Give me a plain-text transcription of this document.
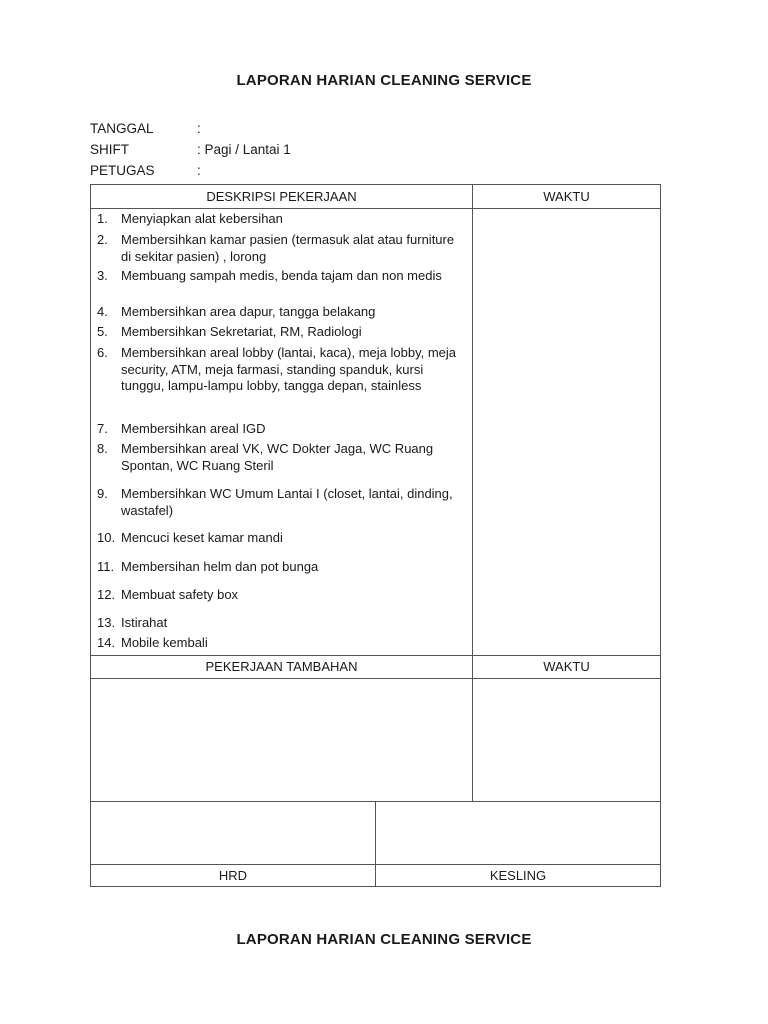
LAPORAN HARIAN CLEANING SERVICE
TANGGAL	:
SHIFT	: Pagi / Lantai 1
PETUGAS	:
DESKRIPSI PEKERJAAN	WAKTU
1. Menyiapkan alat kebersihan
2. Membersihkan kamar pasien (termasuk alat atau furniture di sekitar pasien) , lorong
3. Membuang sampah medis, benda tajam dan non medis
4. Membersihkan area dapur, tangga belakang
5. Membersihkan Sekretariat, RM, Radiologi
6. Membersihkan areal lobby (lantai, kaca), meja lobby, meja security, ATM, meja farmasi, standing spanduk, kursi tunggu, lampu-lampu lobby, tangga depan, stainless
7. Membersihkan areal IGD
8. Membersihkan areal VK, WC Dokter Jaga, WC Ruang Spontan, WC Ruang Steril
9. Membersihkan WC Umum Lantai I (closet, lantai, dinding, wastafel)
10. Mencuci keset kamar mandi
11. Membersihan helm dan pot bunga
12. Membuat safety box
13. Istirahat
14. Mobile kembali
PEKERJAAN TAMBAHAN	WAKTU
HRD	KESLING
LAPORAN HARIAN CLEANING SERVICE
